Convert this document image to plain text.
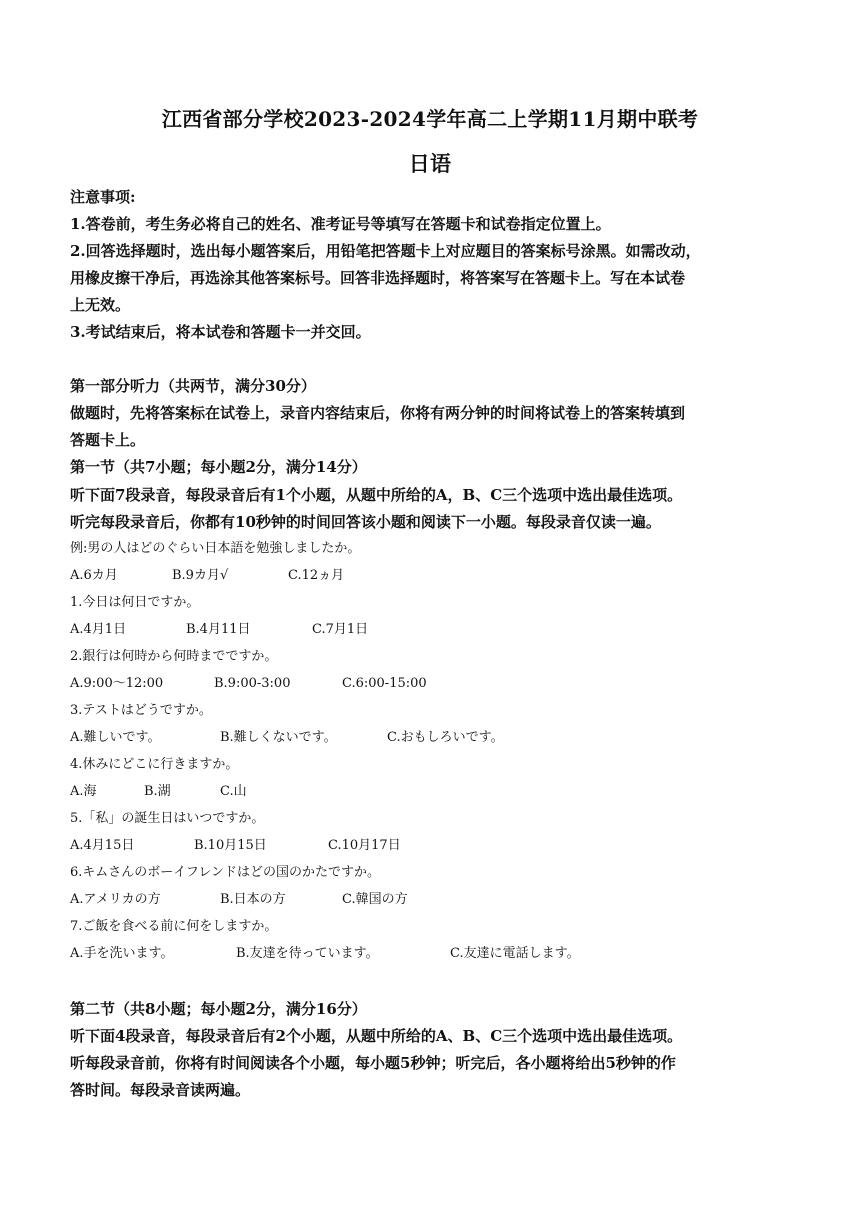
江西省部分学校2023-2024学年高二上学期11月期中联考
日语
注意事项:
1.答卷前，考生务必将自己的姓名、准考证号等填写在答题卡和试卷指定位置上。
2.回答选择题时，选出每小题答案后，用铅笔把答题卡上对应题目的答案标号涂黑。如需改动，
用橡皮擦干净后，再选涂其他答案标号。回答非选择题时，将答案写在答题卡上。写在本试卷
上无效。
3.考试结束后，将本试卷和答题卡一并交回。
第一部分听力（共两节，满分30分）
做题时，先将答案标在试卷上，录音内容结束后，你将有两分钟的时间将试卷上的答案转填到
答题卡上。
第一节（共7小题；每小题2分，满分14分）
听下面7段录音，每段录音后有1个小题，从题中所给的A，B、C三个选项中选出最佳选项。
听完每段录音后，你都有10秒钟的时间回答该小题和阅读下一小题。每段录音仅读一遍。
例:男の人はどのぐらい日本語を勉強しましたか。
A.6カ月	B.9カ月√	C.12ヵ月
1.今日は何日ですか。
A.4月1日	B.4月11日	C.7月1日
2.銀行は何時から何時までですか。
A.9:00～12:00	B.9:00-3:00	C.6:00-15:00
3.テストはどうですか。
A.難しいです。	B.難しくないです。	C.おもしろいです。
4.休みにどこに行きますか。
A.海	B.湖	C.山
5.「私」の誕生日はいつですか。
A.4月15日	B.10月15日	C.10月17日
6.キムさんのボーイフレンドはどの国のかたですか。
A.アメリカの方	B.日本の方	C.韓国の方
7.ご飯を食べる前に何をしますか。
A.手を洗います。	B.友達を待っています。	C.友達に電話します。
第二节（共8小题；每小题2分，满分16分）
听下面4段录音，每段录音后有2个小题，从题中所给的A、B、C三个选项中选出最佳选项。
听每段录音前，你将有时间阅读各个小题，每小题5秒钟；听完后，各小题将给出5秒钟的作
答时间。每段录音读两遍。
